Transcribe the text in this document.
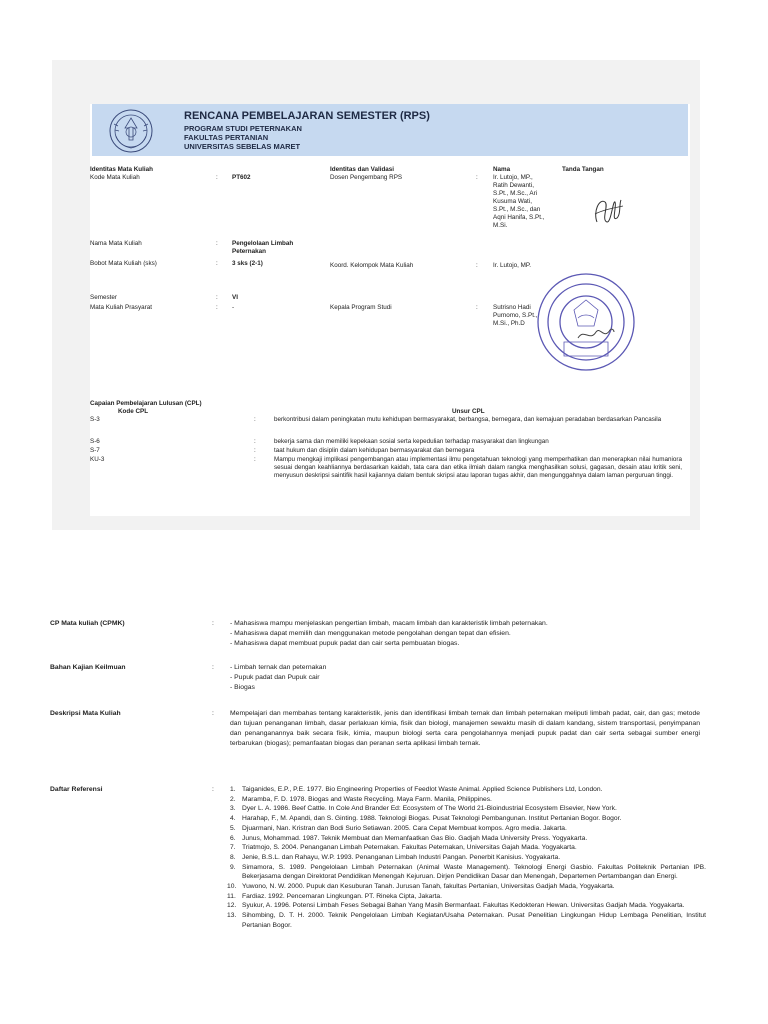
RENCANA PEMBELAJARAN SEMESTER (RPS)
PROGRAM STUDI PETERNAKAN
FAKULTAS PERTANIAN
UNIVERSITAS SEBELAS MARET
Identitas Mata Kuliah
Kode Mata Kuliah	: PT602
Nama Mata Kuliah	: Pengelolaan Limbah Peternakan
Bobot Mata Kuliah (sks)	: 3 sks (2-1)
Semester	: VI
Mata Kuliah Prasyarat	: -
Identitas dan Validasi	Nama	Tanda Tangan
Dosen Pengembang RPS	: Ir. Lutojo, MP.,
Ratih Dewanti,
S.Pt., M.Sc., Ari
Kusuma Wati,
S.Pt., M.Sc., dan
Aqni Hanifa, S.Pt.,
M.Si.
Koord. Kelompok Mata Kuliah	: Ir. Lutojo, MP.
Kepala Program Studi	: Sutrisno Hadi
Purnomo, S.Pt.,
M.Si., Ph.D
Capaian Pembelajaran Lulusan (CPL)
Kode CPL	Unsur CPL
S-3	:	berkontribusi dalam peningkatan mutu kehidupan bermasyarakat, berbangsa, bernegara, dan kemajuan peradaban berdasarkan Pancasila
S-6	:	bekerja sama dan memiliki kepekaan sosial serta kepedulian terhadap masyarakat dan lingkungan
S-7	:	taat hukum dan disiplin dalam kehidupan bermasyarakat dan bernegara
KU-3	:	Mampu mengkaji implikasi pengembangan atau implementasi ilmu pengetahuan teknologi yang memperhatikan dan menerapkan nilai humaniora sesuai dengan keahliannya berdasarkan kaidah, tata cara dan etika ilmiah dalam rangka menghasilkan solusi, gagasan, desain atau kritik seni, menyusun deskripsi saintifik hasil kajiannya dalam bentuk skripsi atau laporan tugas akhir, dan mengunggahnya dalam laman perguruan tinggi.
CP Mata kuliah (CPMK)	: - Mahasiswa mampu menjelaskan pengertian limbah, macam limbah dan karakteristik limbah peternakan.
- Mahasiswa dapat memilih dan menggunakan metode pengolahan dengan tepat dan efisien.
- Mahasiswa dapat membuat pupuk padat dan cair serta pembuatan biogas.
Bahan Kajian Keilmuan	: - Limbah ternak dan peternakan
- Pupuk padat dan Pupuk cair
- Biogas
Deskripsi Mata Kuliah	: Mempelajari dan membahas tentang karakteristik, jenis dan identifikasi limbah ternak dan limbah peternakan meliputi limbah padat, cair, dan gas; metode dan tujuan penanganan limbah, dasar perlakuan kimia, fisik dan biologi, manajemen sewaktu masih di dalam kandang, sistem transportasi, penyimpanan dan penanganannya baik secara fisik, kimia, maupun biologi serta cara pengolahannya menjadi pupuk padat dan cair serta sebagai sumber energi terbarukan (biogas); pemanfaatan biogas dan peranan serta aplikasi limbah ternak.
Daftar Referensi	: 1. Taiganides, E.P., P.E. 1977. Bio Engineering Properties of Feedlot Waste Animal. Applied Science Publishers Ltd, London.
2. Maramba, F. D. 1978. Biogas and Waste Recycling. Maya Farm. Manila, Philippines.
3. Dyer L. A. 1986. Beef Cattle. In Cole And Brander Ed: Ecosystem of The World 21-Bioindustrial Ecosystem Elsevier, New York.
4. Harahap, F., M. Apandi, dan S. Ginting. 1988. Teknologi Biogas. Pusat Teknologi Pembangunan. Institut Pertanian Bogor. Bogor.
5. Djuarmani, Nan. Kristran dan Bodi Surio Setiawan. 2005. Cara Cepat Membuat kompos. Agro media. Jakarta.
6. Junus, Mohammad. 1987. Teknik Membuat dan Memanfaatkan Gas Bio. Gadjah Mada University Press. Yogyakarta.
7. Triatmojo, S. 2004. Penanganan Limbah Peternakan. Fakultas Peternakan, Universitas Gajah Mada. Yogyakarta.
8. Jenie, B.S.L. dan Rahayu, W.P. 1993. Penanganan Limbah Industri Pangan. Penerbit Kanisius. Yogyakarta.
9. Simamora, S. 1989. Pengelolaan Limbah Peternakan (Animal Waste Management). Teknologi Energi Gasbio. Fakultas Politeknik Pertanian IPB. Bekerjasama dengan Direktorat Pendidikan Menengah Kejuruan. Dirjen Pendidikan Dasar dan Menengah, Departemen Pertambangan dan Energi.
10. Yuwono, N. W. 2000. Pupuk dan Kesuburan Tanah. Jurusan Tanah, fakultas Pertanian, Universitas Gadjah Mada, Yogyakarta.
11. Fardiaz. 1992. Pencemaran Lingkungan. PT. Rineka Cipta, Jakarta.
12. Syukur, A. 1996. Potensi Limbah Feses Sebagai Bahan Yang Masih Bermanfaat. Fakultas Kedokteran Hewan. Universitas Gadjah Mada. Yogyakarta.
13. Sihombing, D. T. H. 2000. Teknik Pengelolaan Limbah Kegiatan/Usaha Peternakan. Pusat Penelitian Lingkungan Hidup Lembaga Penelitian, Institut Pertanian Bogor.
